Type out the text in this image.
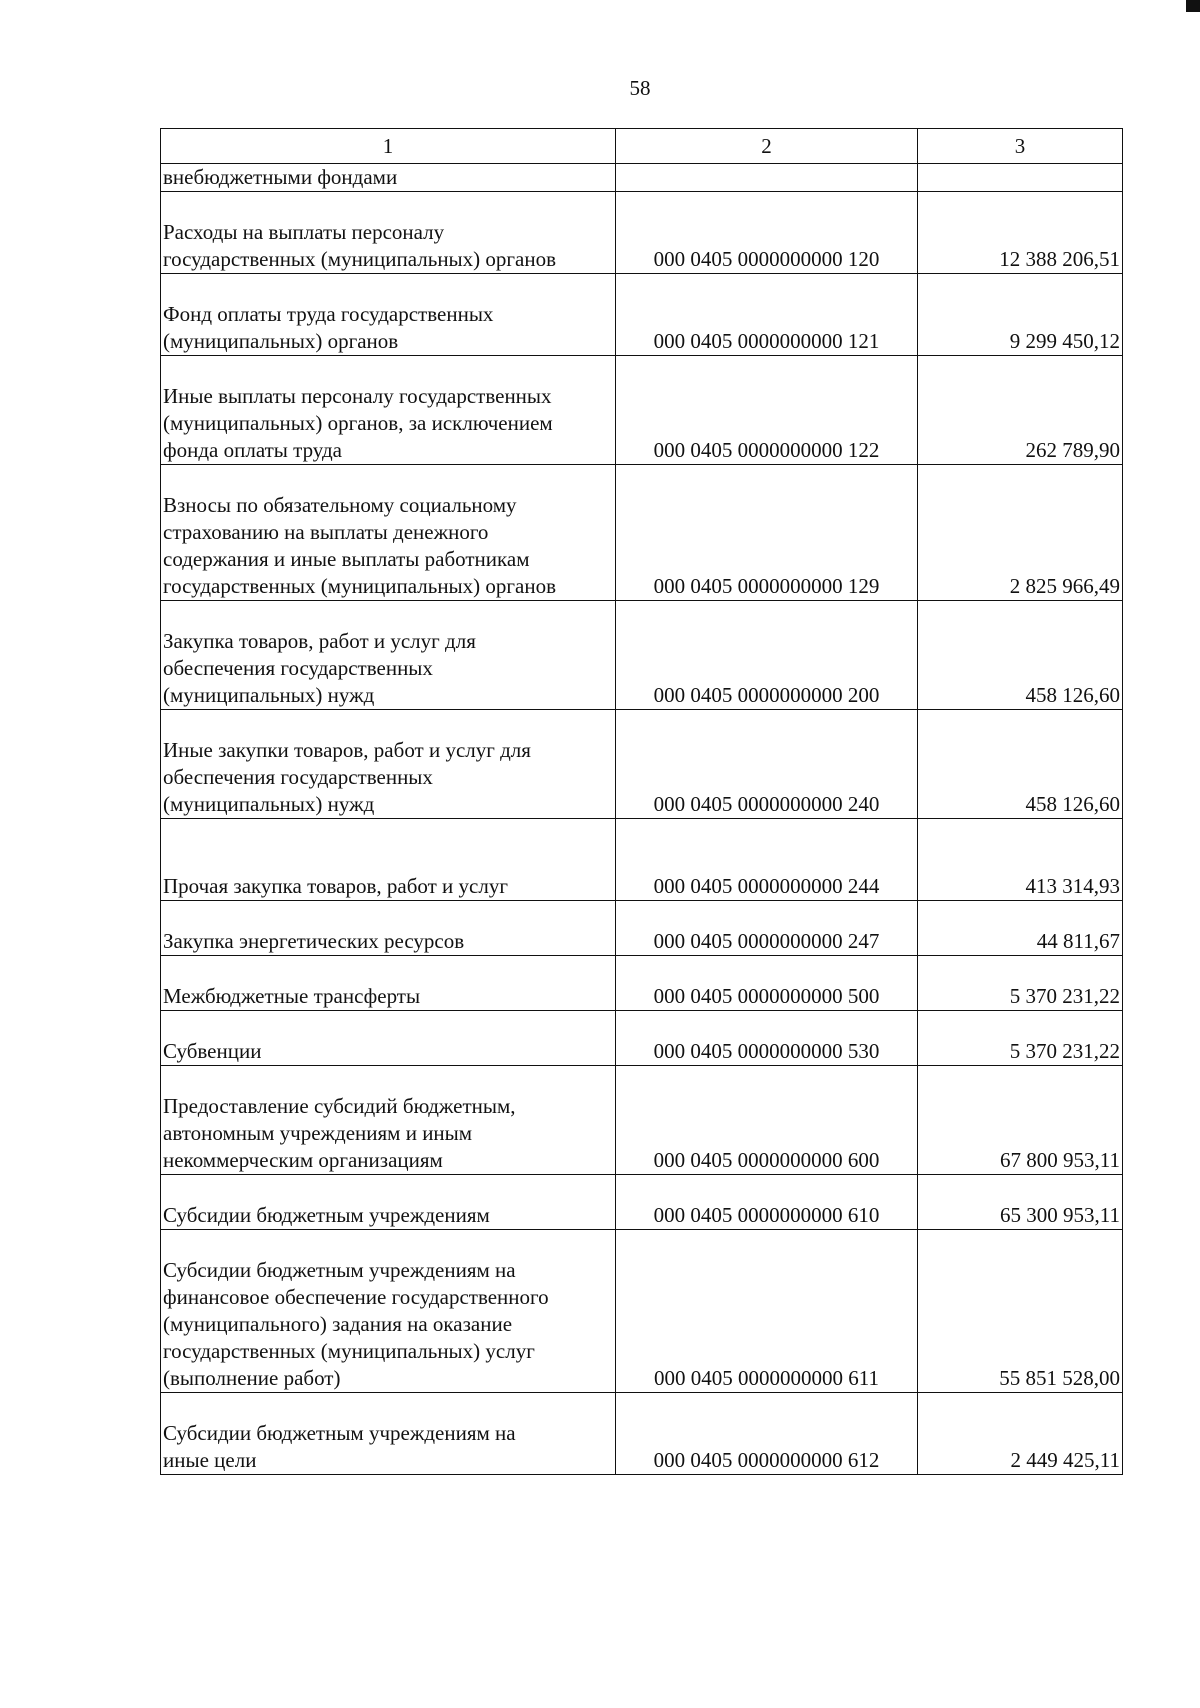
58
1	2	3

внебюджетными фондами		

Расходы на выплаты персоналу
государственных (муниципальных) органов	000 0405 0000000000 120	12 388 206,51

Фонд оплаты труда государственных
(муниципальных) органов	000 0405 0000000000 121	9 299 450,12

Иные выплаты персоналу государственных
(муниципальных) органов, за исключением
фонда оплаты труда	000 0405 0000000000 122	262 789,90

Взносы по обязательному социальному
страхованию на выплаты денежного
содержания и иные выплаты работникам
государственных (муниципальных) органов	000 0405 0000000000 129	2 825 966,49

Закупка товаров, работ и услуг для
обеспечения государственных
(муниципальных) нужд	000 0405 0000000000 200	458 126,60

Иные закупки товаров, работ и услуг для
обеспечения государственных
(муниципальных) нужд	000 0405 0000000000 240	458 126,60

Прочая закупка товаров, работ и услуг	000 0405 0000000000 244	413 314,93

Закупка энергетических ресурсов	000 0405 0000000000 247	44 811,67

Межбюджетные трансферты	000 0405 0000000000 500	5 370 231,22

Субвенции	000 0405 0000000000 530	5 370 231,22

Предоставление субсидий бюджетным,
автономным учреждениям и иным
некоммерческим организациям	000 0405 0000000000 600	67 800 953,11

Субсидии бюджетным учреждениям	000 0405 0000000000 610	65 300 953,11

Субсидии бюджетным учреждениям на
финансовое обеспечение государственного
(муниципального) задания на оказание
государственных (муниципальных) услуг
(выполнение работ)	000 0405 0000000000 611	55 851 528,00

Субсидии бюджетным учреждениям на
иные цели	000 0405 0000000000 612	2 449 425,11
